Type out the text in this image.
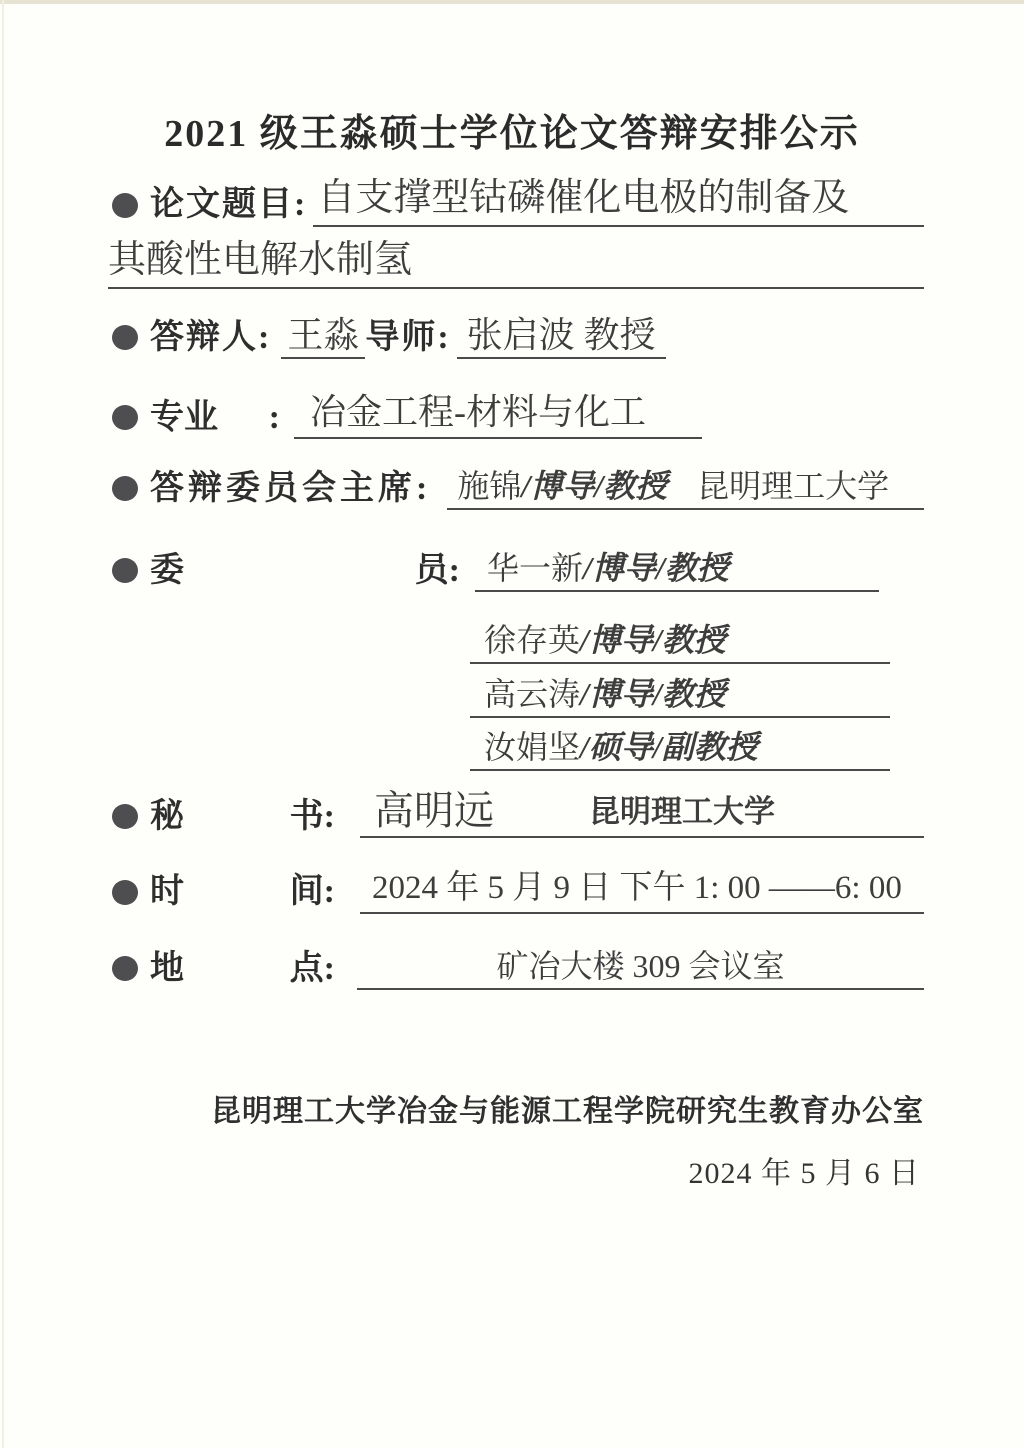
2021 级王淼硕士学位论文答辩安排公示
论文题目: 自支撑型钴磷催化电极的制备及
其酸性电解水制氢
答辩人: 王淼 导师: 张启波 教授
专业 : 冶金工程-材料与化工
答辩委员会主席: 施锦/博导/教授 昆明理工大学
委	员: 华一新/博导/教授
徐存英/博导/教授
高云涛/博导/教授
汝娟坚/硕导/副教授
秘	书: 高明远	昆明理工大学
时	间:	2024 年 5 月 9 日 下午 1: 00 ——6: 00
地	点:	矿冶大楼 309 会议室
昆明理工大学冶金与能源工程学院研究生教育办公室
2024 年 5 月 6 日
